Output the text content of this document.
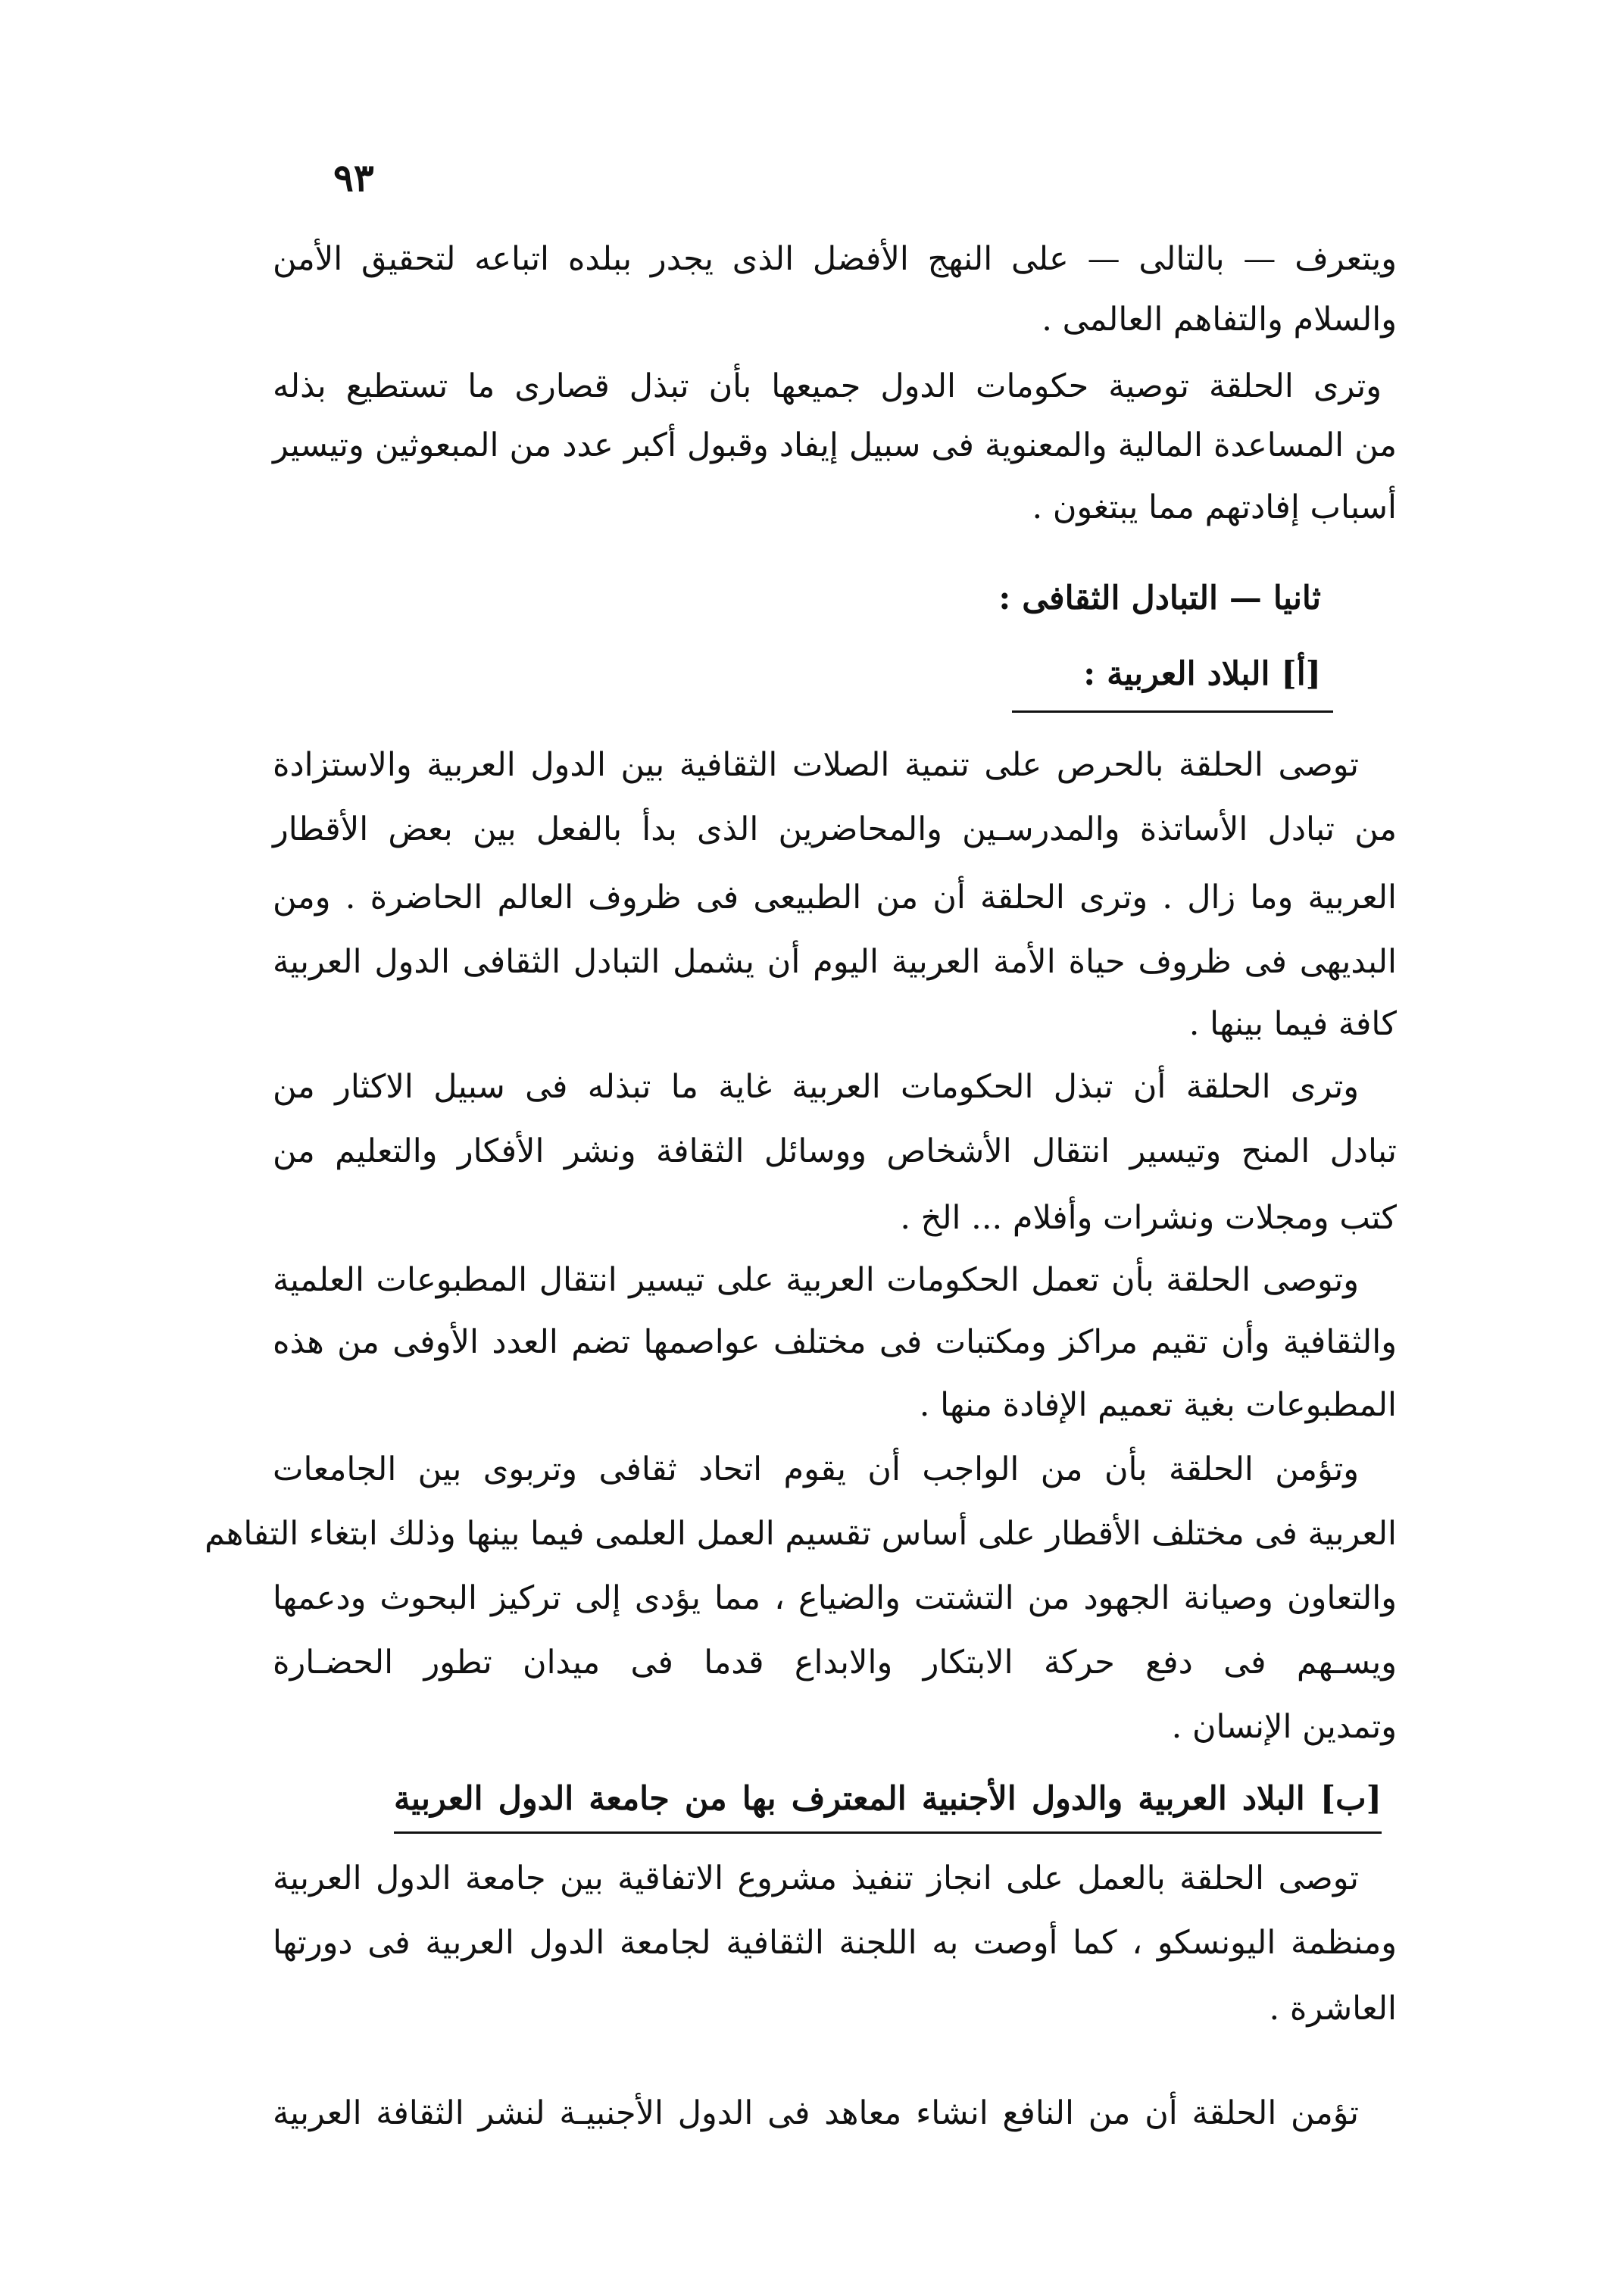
٩٣
ويتعرف — بالتالى — على النهج الأفضل الذى يجدر ببلده اتباعه لتحقيق الأمن
والسلام والتفاهم العالمى .
وترى الحلقة توصية حكومات الدول جميعها بأن تبذل قصارى ما تستطيع بذله
من المساعدة المالية والمعنوية فى سبيل إيفاد وقبول أكبر عدد من المبعوثين وتيسير
أسباب إفادتهم مما يبتغون .
ثانيا — التبادل الثقافى :
[أ] البلاد العربية :
توصى الحلقة بالحرص على تنمية الصلات الثقافية بين الدول العربية والاستزادة
من تبادل الأساتذة والمدرسـين والمحاضرين الذى بدأ بالفعل بين بعض الأقطار
العربية وما زال . وترى الحلقة أن من الطبيعى فى ظروف العالم الحاضرة . ومن
البديهى فى ظروف حياة الأمة العربية اليوم أن يشمل التبادل الثقافى الدول العربية
كافة فيما بينها .
وترى الحلقة أن تبذل الحكومات العربية غاية ما تبذله فى سبيل الاكثار من
تبادل المنح وتيسير انتقال الأشخاص ووسائل الثقافة ونشر الأفكار والتعليم من
كتب ومجلات ونشرات وأفلام ... الخ .
وتوصى الحلقة بأن تعمل الحكومات العربية على تيسير انتقال المطبوعات العلمية
والثقافية وأن تقيم مراكز ومكتبات فى مختلف عواصمها تضم العدد الأوفى من هذه
المطبوعات بغية تعميم الإفادة منها .
وتؤمن الحلقة بأن من الواجب أن يقوم اتحاد ثقافى وتربوى بين الجامعات
العربية فى مختلف الأقطار على أساس تقسيم العمل العلمى فيما بينها وذلك ابتغاء التفاهم
والتعاون وصيانة الجهود من التشتت والضياع ، مما يؤدى إلى تركيز البحوث ودعمها
ويسـهم فى دفع حركة الابتكار والابداع قدما فى ميدان تطور الحضـارة
وتمدين الإنسان .
[ب] البلاد العربية والدول الأجنبية المعترف بها من جامعة الدول العربية
توصى الحلقة بالعمل على انجاز تنفيذ مشروع الاتفاقية بين جامعة الدول العربية
ومنظمة اليونسكو ، كما أوصت به اللجنة الثقافية لجامعة الدول العربية فى دورتها
العاشرة .
تؤمن الحلقة أن من النافع انشاء معاهد فى الدول الأجنبيـة لنشر الثقافة العربية
